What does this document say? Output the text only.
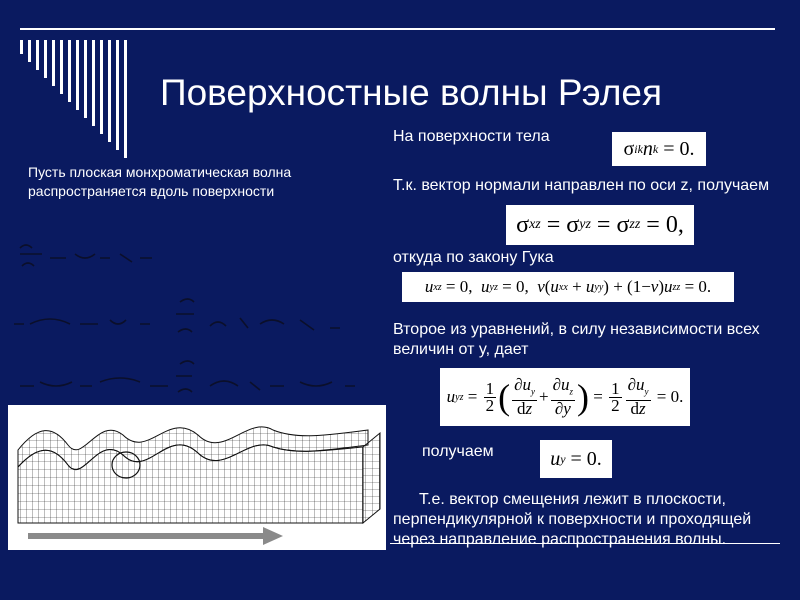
Поверхностные волны Рэлея
Пусть плоская монхроматическая волна распространяется вдоль поверхности
На поверхности тела
Т.к. вектор нормали направлен по оси z, получаем
откуда по закону Гука
Второе из уравнений, в силу независимости всех величин от y, дает
получаем
Т.е. вектор смещения лежит в плоскости, перпендикулярной к поверхности и проходящей через направление распространения волны.
σ ik n k = 0.
σ xz = σ yz = σ zz = 0,
u xz = 0, u yz = 0, ν ( u xx + u yy ) + (1− ν ) u zz = 0.
u yz = $\frac{1}{2}$ ( $\frac{\partial u_y}{dz} + \frac{\partial u_z}{\partial y}$ ) = $\frac{1}{2} \frac{\partial u_y}{dz} = 0$.
u y = 0.
